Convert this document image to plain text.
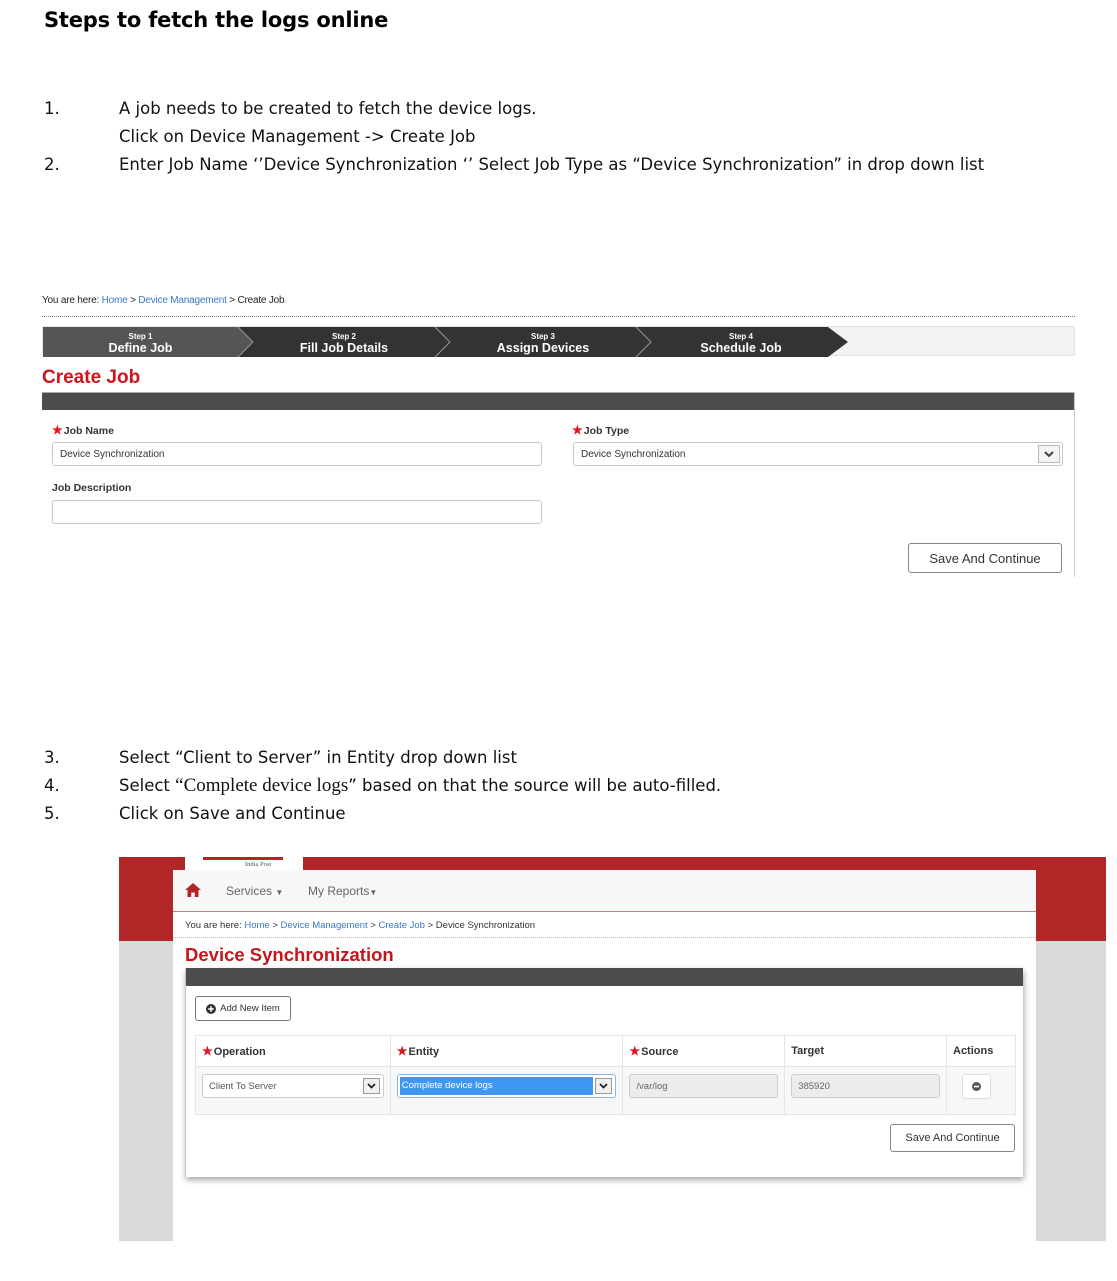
Steps to fetch the logs online
1.	A job needs to be created to fetch the device logs.
Click on Device Management -> Create Job
2.	Enter Job Name ‘’Device Synchronization ‘’ Select Job Type as “Device Synchronization” in drop down list
You are here: Home > Device Management > Create Job
Step 1
Define Job
Step 2
Fill Job Details
Step 3
Assign Devices
Step 4
Schedule Job
Create Job
★Job Name
Device Synchronization
★Job Type
Device Synchronization
Job Description
Save And Continue
3.	Select “Client to Server” in Entity drop down list
4.	Select “Complete device logs” based on that the source will be auto-filled.
5.	Click on Save and Continue
India Post
Services ▼ My Reports▼
You are here: Home > Device Management > Create Job > Device Synchronization
Device Synchronization
Add New Item
★Operation	★Entity	★Source	Target	Actions

Client To Server	Complete device logs	/var/log	385920

Save And Continue
